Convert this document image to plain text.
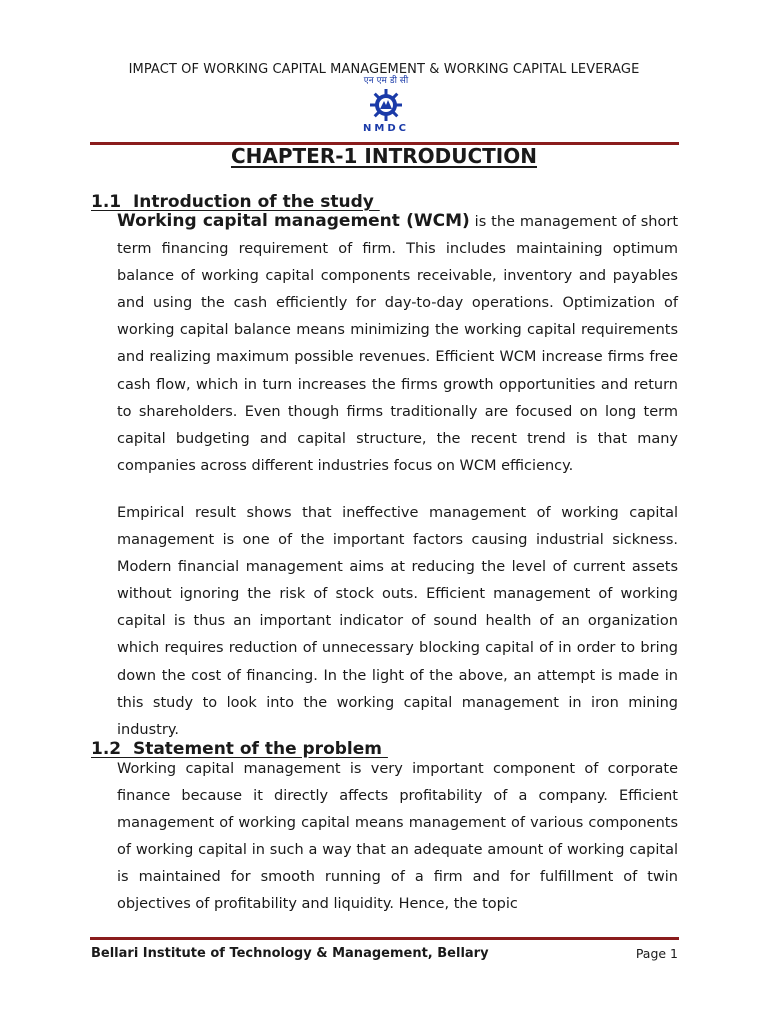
IMPACT OF WORKING CAPITAL MANAGEMENT & WORKING CAPITAL LEVERAGE
एन एम डी सी
NMDC
CHAPTER-1 INTRODUCTION
1.1  Introduction of the study
Working capital management (WCM) is the management of short term financing requirement of firm. This includes maintaining optimum balance of working capital components receivable, inventory and payables and using the cash efficiently for day-to-day operations. Optimization of working capital balance means minimizing the working capital requirements and realizing maximum possible revenues. Efficient WCM increase firms free cash flow, which in turn increases the firms growth opportunities and return to shareholders. Even though firms traditionally are focused on long term capital budgeting and capital structure, the recent trend is that many companies across different industries focus on WCM efficiency.
Empirical result shows that ineffective management of working capital management is one of the important factors causing industrial sickness. Modern financial management aims at reducing the level of current assets without ignoring the risk of stock outs. Efficient management of working capital is thus an important indicator of sound health of an organization which requires reduction of unnecessary blocking capital of in order to bring down the cost of financing. In the light of the above, an attempt is made in this study to look into the working capital management in iron mining industry.
1.2  Statement of the problem
Working capital management is very important component of corporate finance because it directly affects profitability of a company. Efficient management of working capital means management of various components of working capital in such a way that an adequate amount of working capital is maintained for smooth running of a firm and for fulfillment of twin objectives of profitability and liquidity. Hence, the topic
Bellari Institute of Technology & Management, Bellary	Page 1
